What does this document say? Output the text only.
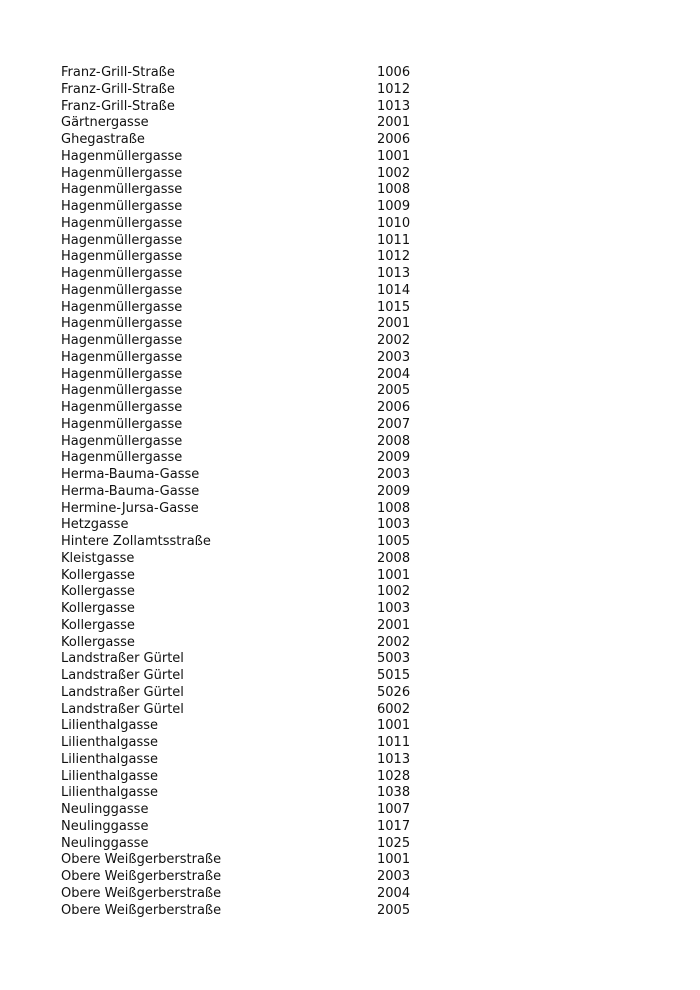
Franz-Grill-Straße	1006
Franz-Grill-Straße	1012
Franz-Grill-Straße	1013
Gärtnergasse	2001
Ghegastraße	2006
Hagenmüllergasse	1001
Hagenmüllergasse	1002
Hagenmüllergasse	1008
Hagenmüllergasse	1009
Hagenmüllergasse	1010
Hagenmüllergasse	1011
Hagenmüllergasse	1012
Hagenmüllergasse	1013
Hagenmüllergasse	1014
Hagenmüllergasse	1015
Hagenmüllergasse	2001
Hagenmüllergasse	2002
Hagenmüllergasse	2003
Hagenmüllergasse	2004
Hagenmüllergasse	2005
Hagenmüllergasse	2006
Hagenmüllergasse	2007
Hagenmüllergasse	2008
Hagenmüllergasse	2009
Herma-Bauma-Gasse	2003
Herma-Bauma-Gasse	2009
Hermine-Jursa-Gasse	1008
Hetzgasse	1003
Hintere Zollamtsstraße	1005
Kleistgasse	2008
Kollergasse	1001
Kollergasse	1002
Kollergasse	1003
Kollergasse	2001
Kollergasse	2002
Landstraßer Gürtel	5003
Landstraßer Gürtel	5015
Landstraßer Gürtel	5026
Landstraßer Gürtel	6002
Lilienthalgasse	1001
Lilienthalgasse	1011
Lilienthalgasse	1013
Lilienthalgasse	1028
Lilienthalgasse	1038
Neulinggasse	1007
Neulinggasse	1017
Neulinggasse	1025
Obere Weißgerberstraße	1001
Obere Weißgerberstraße	2003
Obere Weißgerberstraße	2004
Obere Weißgerberstraße	2005
